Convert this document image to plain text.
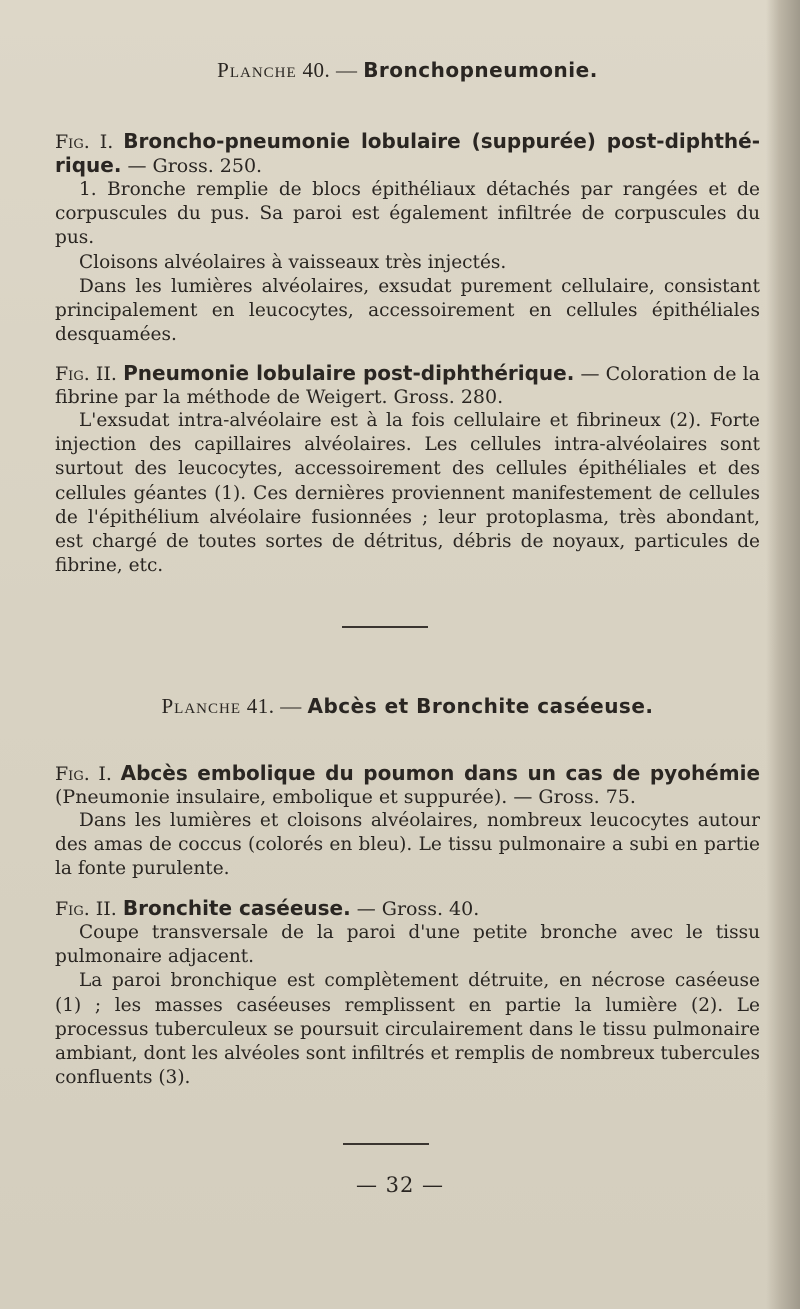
Planche 40. — Bronchopneumonie.

Fig. I. Broncho-pneumonie lobulaire (suppurée) post-diphthé- rique. — Gross. 250.

1. Bronche remplie de blocs épithéliaux détachés par rangées et de corpuscules du pus. Sa paroi est également infiltrée de corpuscules du pus.

Cloisons alvéolaires à vaisseaux très injectés.

Dans les lumières alvéolaires, exsudat purement cellulaire, consistant principalement en leucocytes, accessoirement en cellules épithéliales desquamées.

Fig. II. Pneumonie lobulaire post-diphthérique. — Coloration de la fibrine par la méthode de Weigert. Gross. 280.

L'exsudat intra-alvéolaire est à la fois cellulaire et fibrineux (2). Forte injection des capillaires alvéolaires. Les cellules intra-alvéolaires sont surtout des leucocytes, accessoirement des cellules épithéliales et des cellules géantes (1). Ces dernières proviennent manifestement de cellules de l'épithélium alvéolaire fusionnées ; leur protoplasma, très abondant, est chargé de toutes sortes de détritus, débris de noyaux, particules de fibrine, etc.

Planche 41. — Abcès et Bronchite caséeuse.

Fig. I. Abcès embolique du poumon dans un cas de pyohémie (Pneumonie insulaire, embolique et suppurée). — Gross. 75.

Dans les lumières et cloisons alvéolaires, nombreux leucocytes autour des amas de coccus (colorés en bleu). Le tissu pulmonaire a subi en partie la fonte purulente.

Fig. II. Bronchite caséeuse. — Gross. 40.

Coupe transversale de la paroi d'une petite bronche avec le tissu pulmonaire adjacent.

La paroi bronchique est complètement détruite, en nécrose caséeuse (1) ; les masses caséeuses remplissent en partie la lumière (2). Le processus tuberculeux se poursuit circulairement dans le tissu pulmonaire ambiant, dont les alvéoles sont infiltrés et remplis de nombreux tubercules confluents (3).

— 32 —
